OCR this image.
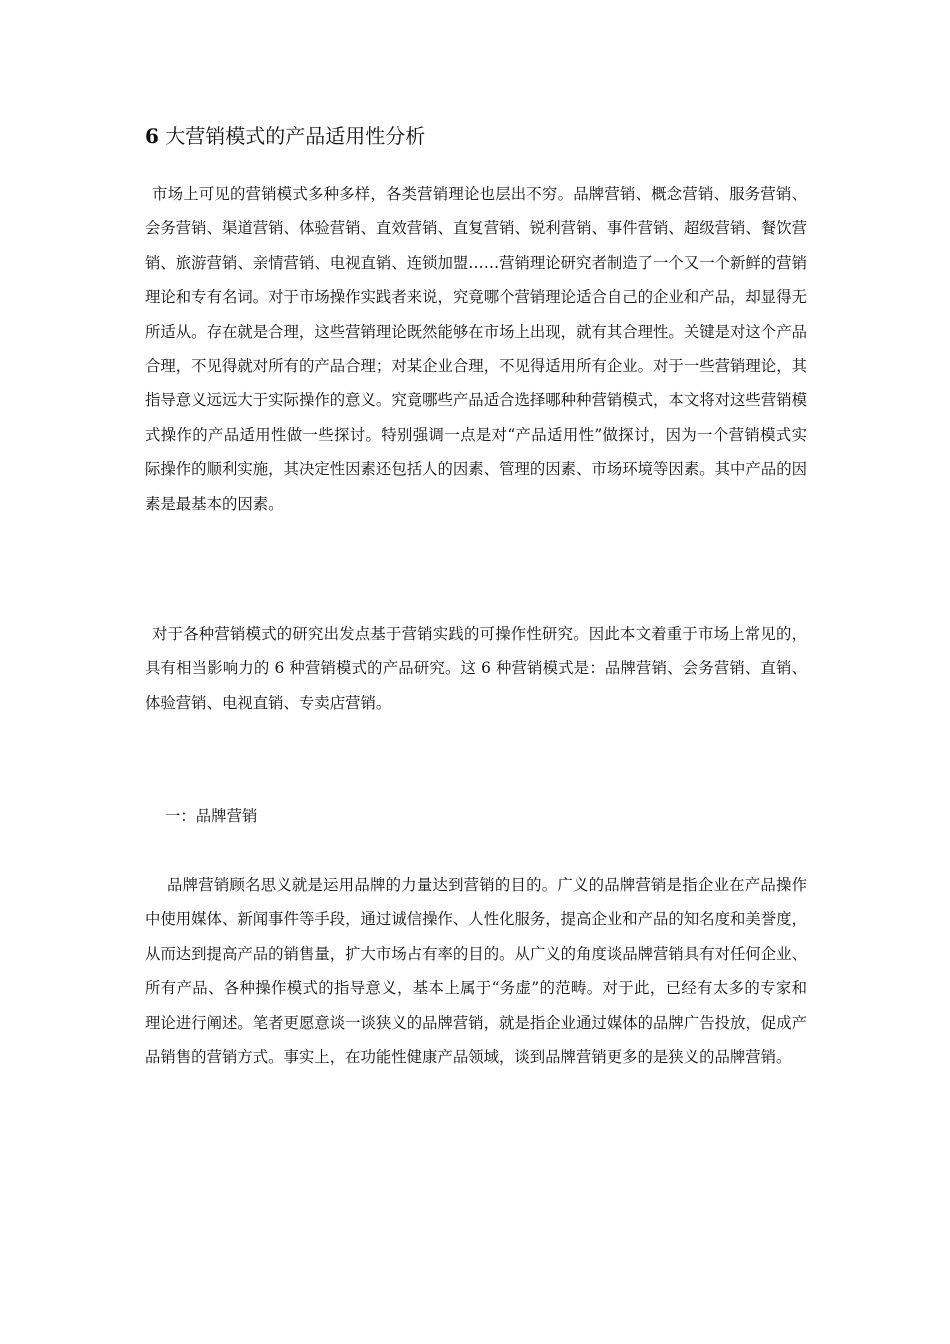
6 大营销模式的产品适用性分析

市场上可见的营销模式多种多样，各类营销理论也层出不穷。品牌营销、概念营销、服务营销、会务营销、渠道营销、体验营销、直效营销、直复营销、锐利营销、事件营销、超级营销、餐饮营销、旅游营销、亲情营销、电视直销、连锁加盟……营销理论研究者制造了一个又一个新鲜的营销理论和专有名词。对于市场操作实践者来说，究竟哪个营销理论适合自己的企业和产品，却显得无所适从。存在就是合理，这些营销理论既然能够在市场上出现，就有其合理性。关键是对这个产品合理，不见得就对所有的产品合理；对某企业合理，不见得适用所有企业。对于一些营销理论，其指导意义远远大于实际操作的意义。究竟哪些产品适合选择哪种种营销模式，本文将对这些营销模式操作的产品适用性做一些探讨。特别强调一点是对“产品适用性”做探讨，因为一个营销模式实际操作的顺利实施，其决定性因素还包括人的因素、管理的因素、市场环境等因素。其中产品的因素是最基本的因素。

对于各种营销模式的研究出发点基于营销实践的可操作性研究。因此本文着重于市场上常见的，具有相当影响力的 6 种营销模式的产品研究。这 6 种营销模式是：品牌营销、会务营销、直销、体验营销、电视直销、专卖店营销。

一：品牌营销

品牌营销顾名思义就是运用品牌的力量达到营销的目的。广义的品牌营销是指企业在产品操作中使用媒体、新闻事件等手段，通过诚信操作、人性化服务，提高企业和产品的知名度和美誉度，从而达到提高产品的销售量，扩大市场占有率的目的。从广义的角度谈品牌营销具有对任何企业、所有产品、各种操作模式的指导意义，基本上属于“务虚”的范畴。对于此，已经有太多的专家和理论进行阐述。笔者更愿意谈一谈狭义的品牌营销，就是指企业通过媒体的品牌广告投放，促成产品销售的营销方式。事实上，在功能性健康产品领域，谈到品牌营销更多的是狭义的品牌营销。
